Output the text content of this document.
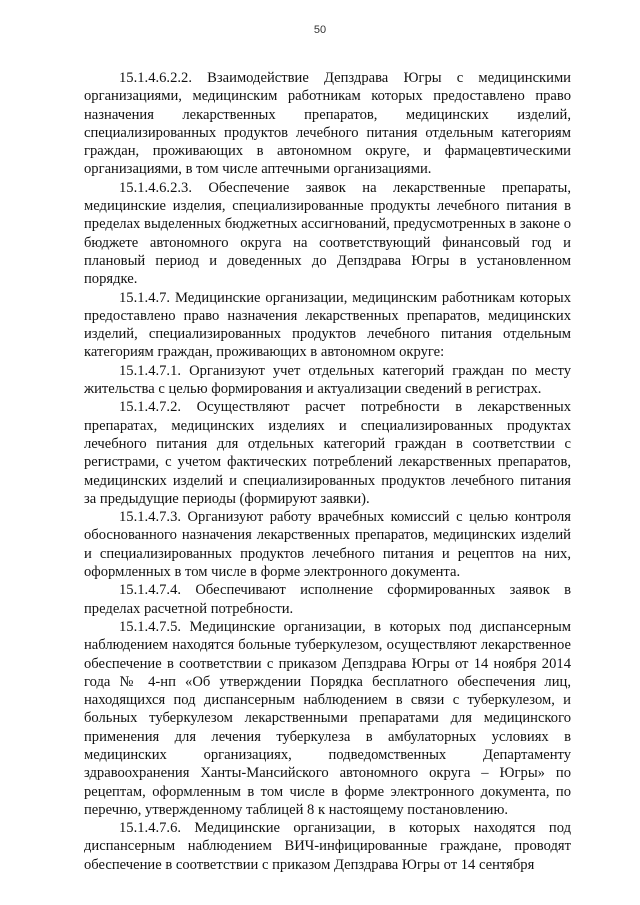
50

15.1.4.6.2.2. Взаимодействие Депздрава Югры с медицинскими организациями, медицинским работникам которых предоставлено право назначения лекарственных препаратов, медицинских изделий, специализированных продуктов лечебного питания отдельным категориям граждан, проживающих в автономном округе, и фармацевтическими организациями, в том числе аптечными организациями.

15.1.4.6.2.3. Обеспечение заявок на лекарственные препараты, медицинские изделия, специализированные продукты лечебного питания в пределах выделенных бюджетных ассигнований, предусмотренных в законе о бюджете автономного округа на соответствующий финансовый год и плановый период и доведенных до Депздрава Югры в установленном порядке.

15.1.4.7. Медицинские организации, медицинским работникам которых предоставлено право назначения лекарственных препаратов, медицинских изделий, специализированных продуктов лечебного питания отдельным категориям граждан, проживающих в автономном округе:

15.1.4.7.1. Организуют учет отдельных категорий граждан по месту жительства с целью формирования и актуализации сведений в регистрах.

15.1.4.7.2. Осуществляют расчет потребности в лекарственных препаратах, медицинских изделиях и специализированных продуктах лечебного питания для отдельных категорий граждан в соответствии с регистрами, с учетом фактических потреблений лекарственных препаратов, медицинских изделий и специализированных продуктов лечебного питания за предыдущие периоды (формируют заявки).

15.1.4.7.3. Организуют работу врачебных комиссий с целью контроля обоснованного назначения лекарственных препаратов, медицинских изделий и специализированных продуктов лечебного питания и рецептов на них, оформленных в том числе в форме электронного документа.

15.1.4.7.4. Обеспечивают исполнение сформированных заявок в пределах расчетной потребности.

15.1.4.7.5. Медицинские организации, в которых под диспансерным наблюдением находятся больные туберкулезом, осуществляют лекарственное обеспечение в соответствии с приказом Депздрава Югры от 14 ноября 2014 года № 4-нп «Об утверждении Порядка бесплатного обеспечения лиц, находящихся под диспансерным наблюдением в связи с туберкулезом, и больных туберкулезом лекарственными препаратами для медицинского применения для лечения туберкулеза в амбулаторных условиях в медицинских организациях, подведомственных Департаменту здравоохранения Ханты-Мансийского автономного округа – Югры» по рецептам, оформленным в том числе в форме электронного документа, по перечню, утвержденному таблицей 8 к настоящему постановлению.

15.1.4.7.6. Медицинские организации, в которых находятся под диспансерным наблюдением ВИЧ-инфицированные граждане, проводят обеспечение в соответствии с приказом Депздрава Югры от 14 сентября
